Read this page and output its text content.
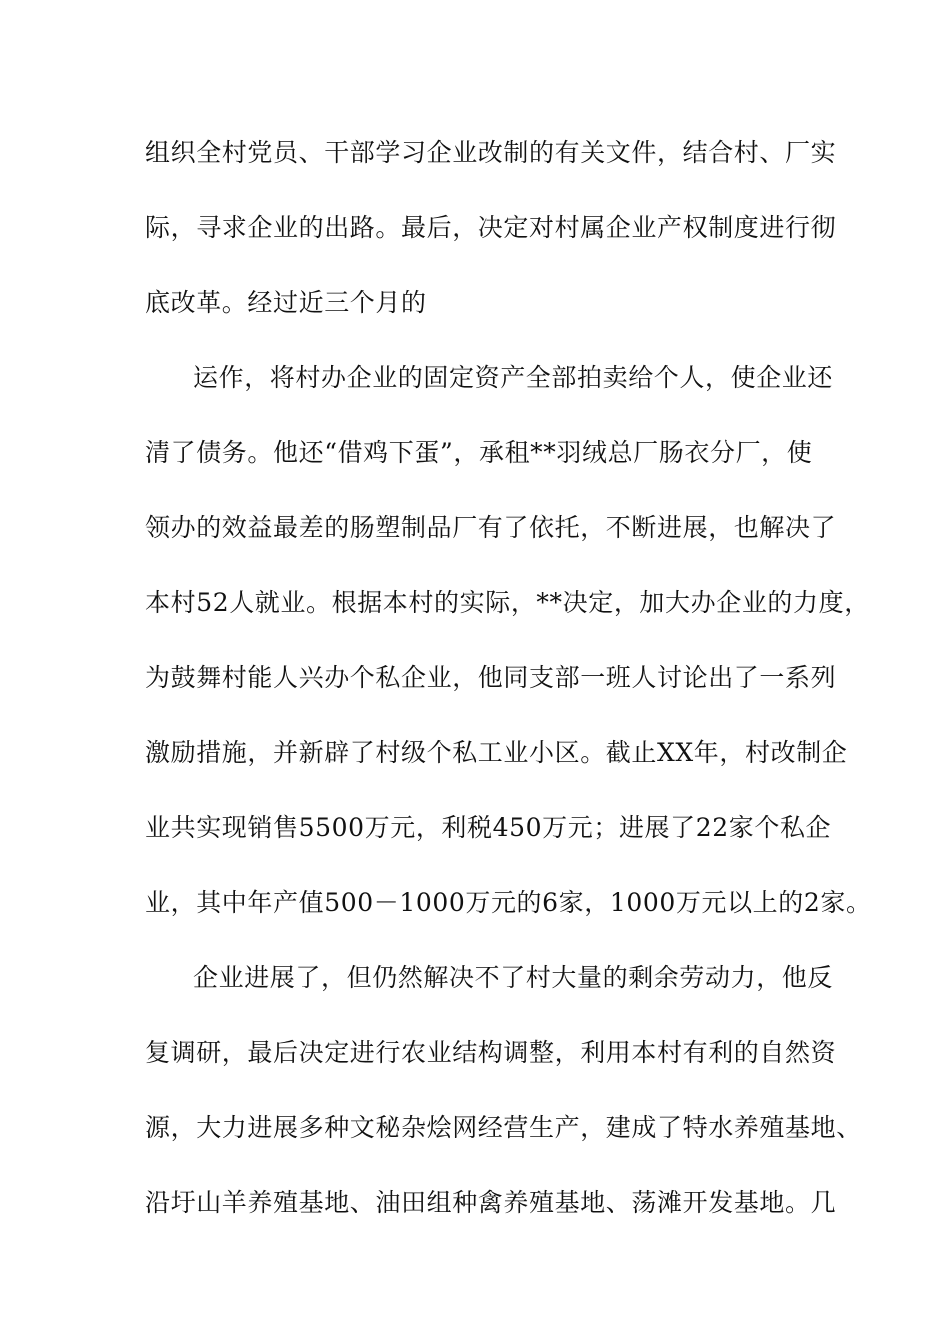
组织全村党员、干部学习企业改制的有关文件，结合村、厂实
际，寻求企业的出路。最后，决定对村属企业产权制度进行彻
底改革。经过近三个月的
运作，将村办企业的固定资产全部拍卖给个人，使企业还
清了债务。他还“借鸡下蛋”，承租**羽绒总厂肠衣分厂，使
领办的效益最差的肠塑制品厂有了依托，不断进展，也解决了
本村52人就业。根据本村的实际，**决定，加大办企业的力度，
为鼓舞村能人兴办个私企业，他同支部一班人讨论出了一系列
激励措施，并新辟了村级个私工业小区。截止XX年，村改制企
业共实现销售5500万元，利税450万元；进展了22家个私企
业，其中年产值500－1000万元的6家，1000万元以上的2家。
企业进展了，但仍然解决不了村大量的剩余劳动力，他反
复调研，最后决定进行农业结构调整，利用本村有利的自然资
源，大力进展多种文秘杂烩网经营生产，建成了特水养殖基地、
沿圩山羊养殖基地、油田组种禽养殖基地、荡滩开发基地。几
